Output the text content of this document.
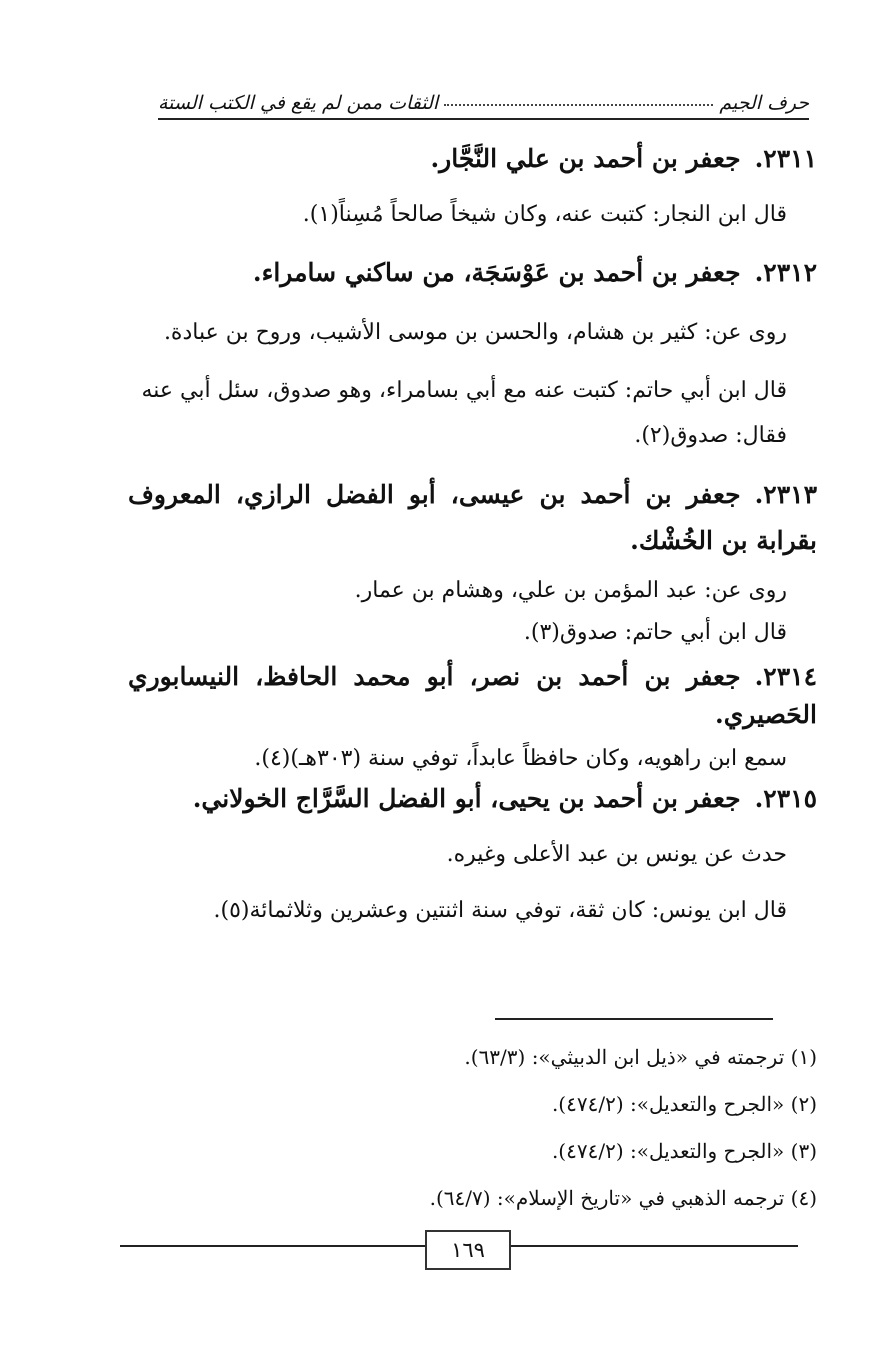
حرف الجيم
الثقات ممن لم يقع في الكتب الستة

٢٣١١.جعفر بن أحمد بن علي النَّجَّار.

قال ابن النجار: كتبت عنه، وكان شيخاً صالحاً مُسِناً(١).

٢٣١٢.جعفر بن أحمد بن عَوْسَجَة، من ساكني سامراء.

روى عن: كثير بن هشام، والحسن بن موسى الأشيب، وروح بن عبادة.

قال ابن أبي حاتم: كتبت عنه مع أبي بسامراء، وهو صدوق، سئل أبي عنه فقال: صدوق(٢).

٢٣١٣.جعفر بن أحمد بن عيسى، أبو الفضل الرازي، المعروف بقرابة بن الخُشْك.

روى عن: عبد المؤمن بن علي، وهشام بن عمار.

قال ابن أبي حاتم: صدوق(٣).

٢٣١٤.جعفر بن أحمد بن نصر، أبو محمد الحافظ، النيسابوري الحَصيري.

سمع ابن راهويه، وكان حافظاً عابداً، توفي سنة (٣٠٣هـ)(٤).

٢٣١٥.جعفر بن أحمد بن يحيى، أبو الفضل السَّرَّاج الخولاني.

حدث عن يونس بن عبد الأعلى وغيره.

قال ابن يونس: كان ثقة، توفي سنة اثنتين وعشرين وثلاثمائة(٥).

(١) ترجمته في «ذيل ابن الدبيثي»: (٦٣/٣).

(٢) «الجرح والتعديل»: (٤٧٤/٢).

(٣) «الجرح والتعديل»: (٤٧٤/٢).

(٤) ترجمه الذهبي في «تاريخ الإسلام»: (٦٤/٧).

١٦٩
